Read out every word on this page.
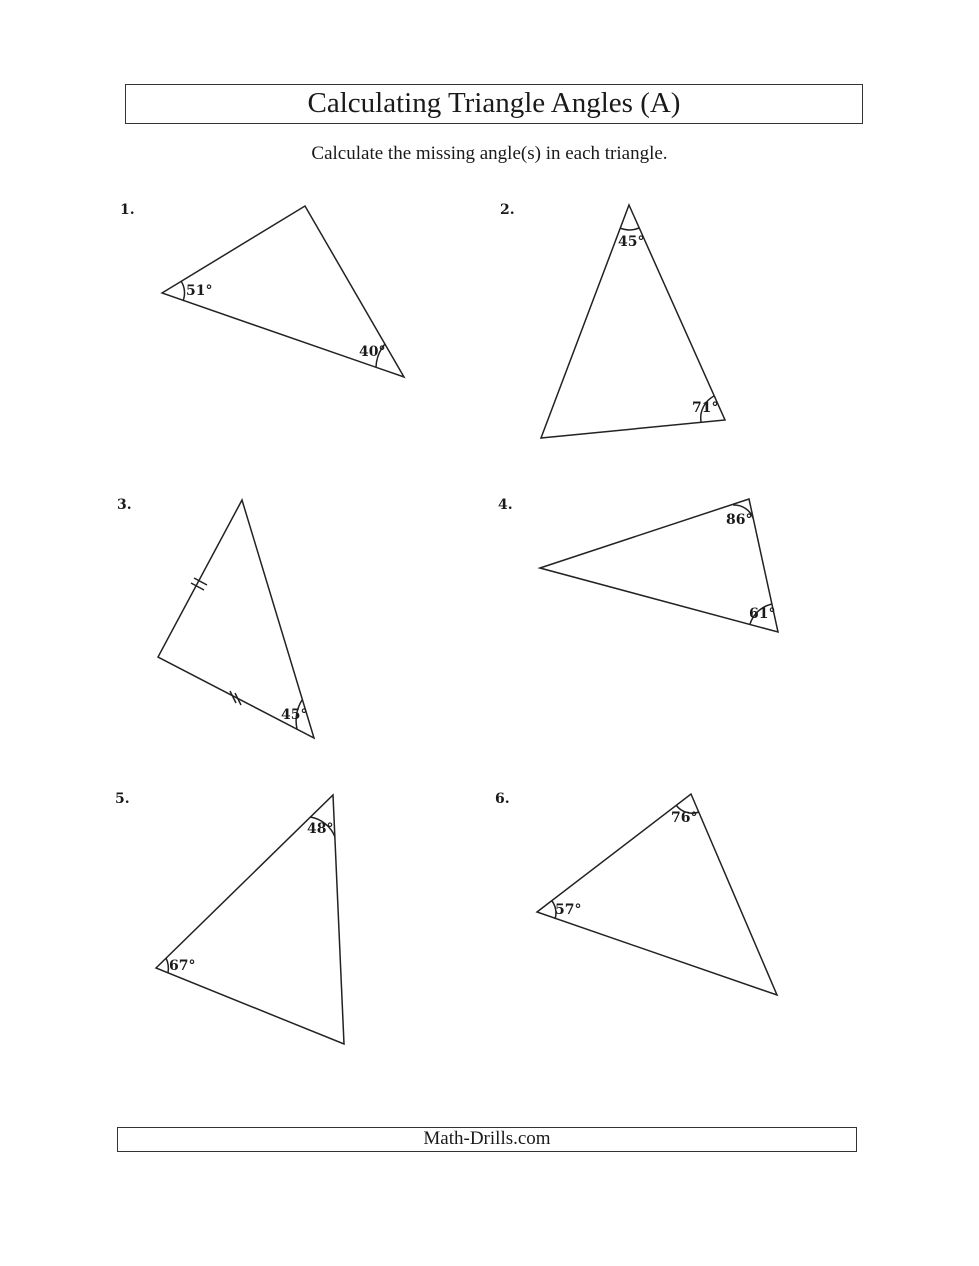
Calculating Triangle Angles (A)
Calculate the missing angle(s) in each triangle.
1.	2.
3.	4.
5.	6.
51°
40°
45°
71°
45°
86°
61°
48°
67°
76°
57°
Math-Drills.com
